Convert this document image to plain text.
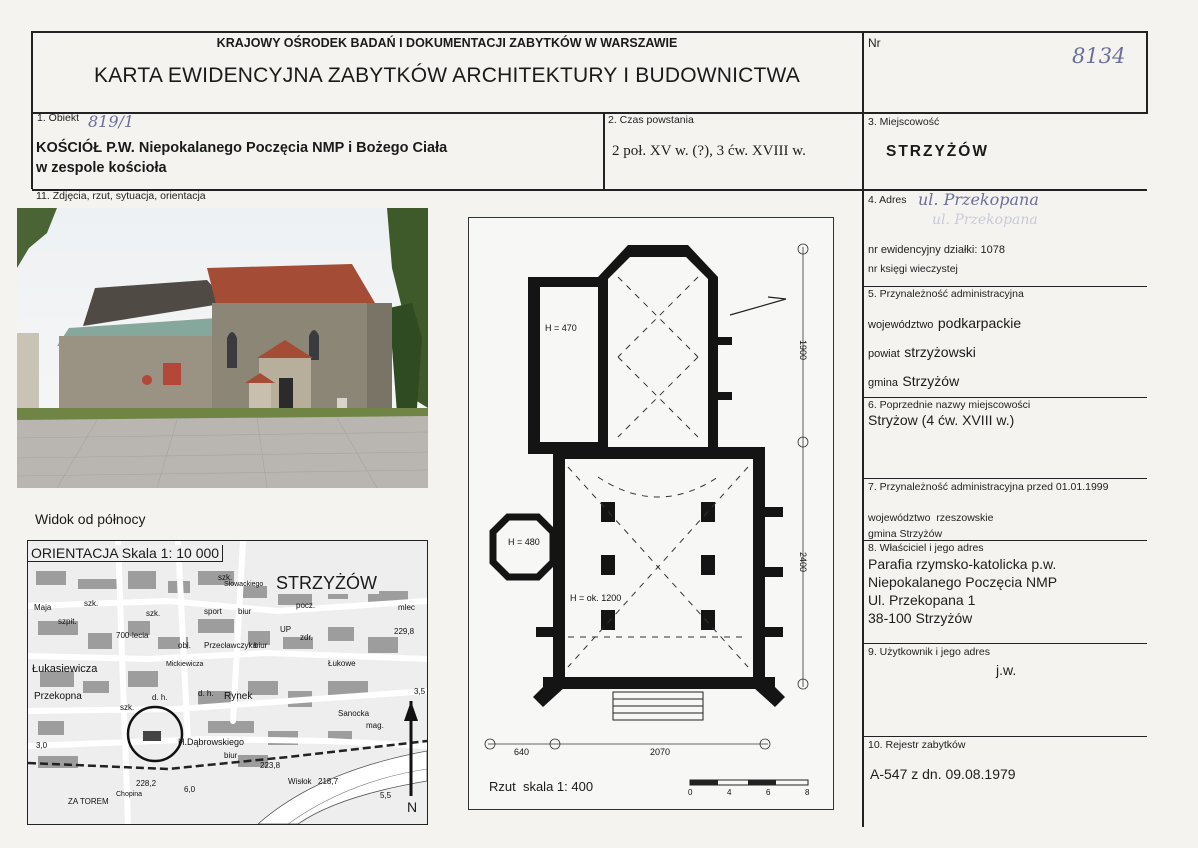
KRAJOWY OŚRODEK BADAŃ I DOKUMENTACJI ZABYTKÓW W WARSZAWIE
KARTA EWIDENCYJNA ZABYTKÓW ARCHITEKTURY I BUDOWNICTWA
Nr
8134
1. Obiekt 819/1
KOŚCIÓŁ P.W. Niepokalanego Poczęcia NMP i Bożego Ciała
w zespole kościoła
2. Czas powstania
2 poł. XV w. (?), 3 ćw. XVIII w.
3. Miejscowość
STRZYŻÓW
11. Zdjęcia, rzut, sytuacja, orientacja
Widok od północy
ORIENTACJA Skala 1: 10 000
STRZYŻÓW
N
szk.
szpit.
Maja	szk.
sport biur
szk.
pocz.
Łukasiewicza
700-lecia
Przecławczyka
obl.	biur
UP
zdr.
mlec
229,8
Łukowe
Rynek
d. h.
d. h.
Sanocka
mag.
szk.
H.Dąbrowskiego
Przekopna
biur
3,0
223,8
228,2
6,0
218,7
ZA TOREM
Wisłok
5,5
3,5
Chopina
Mickiewicza
Słowackiego
H = 470
H = 480
H = ok. 1200
640	2070
1900
2400
Rzut  skala 1: 400	0	4	6	8
4. Adres ul. Przekopana
ul. Przekopana
nr ewidencyjny działki: 1078
nr księgi wieczystej
5. Przynależność administracyjna
województwo podkarpackie
powiat strzyżowski
gmina Strzyżów
6. Poprzednie nazwy miejscowości
Stryżow (4 ćw. XVIII w.)
7. Przynależność administracyjna przed 01.01.1999
województwo  rzeszowskie
gmina Strzyżów
8. Właściciel i jego adres
Parafia rzymsko-katolicka p.w.
Niepokalanego Poczęcia NMP
Ul. Przekopana 1
38-100 Strzyżów
9. Użytkownik i jego adres
j.w.
10. Rejestr zabytków
A-547 z dn. 09.08.1979
